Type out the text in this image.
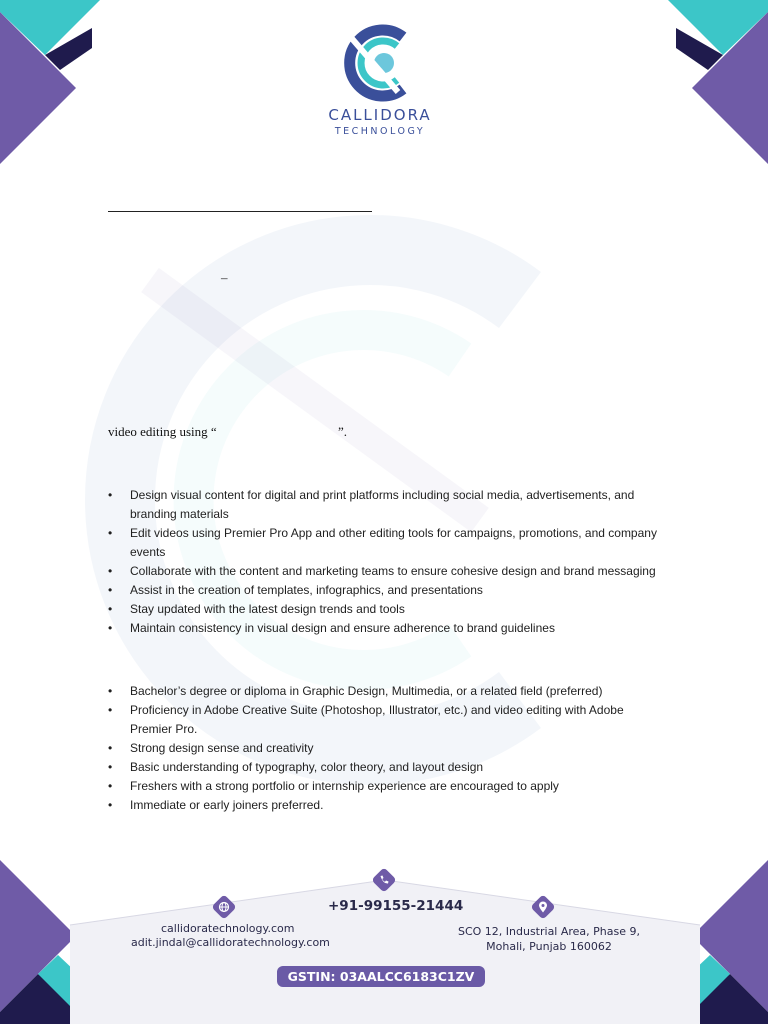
CALLIDORA
TECHNOLOGY
–
video editing using “	”.
• Design visual content for digital and print platforms including social media, advertisements, and branding materials
• Edit videos using Premier Pro App and other editing tools for campaigns, promotions, and company events
• Collaborate with the content and marketing teams to ensure cohesive design and brand messaging
• Assist in the creation of templates, infographics, and presentations
• Stay updated with the latest design trends and tools
• Maintain consistency in visual design and ensure adherence to brand guidelines
• Bachelor’s degree or diploma in Graphic Design, Multimedia, or a related field (preferred)
• Proficiency in Adobe Creative Suite (Photoshop, Illustrator, etc.) and video editing with Adobe Premier Pro.
• Strong design sense and creativity
• Basic understanding of typography, color theory, and layout design
• Freshers with a strong portfolio or internship experience are encouraged to apply
• Immediate or early joiners preferred.
callidoratechnology.com
adit.jindal@callidoratechnology.com
+91-99155-21444
SCO 12, Industrial Area, Phase 9,
Mohali, Punjab 160062
GSTIN: 03AALCC6183C1ZV
